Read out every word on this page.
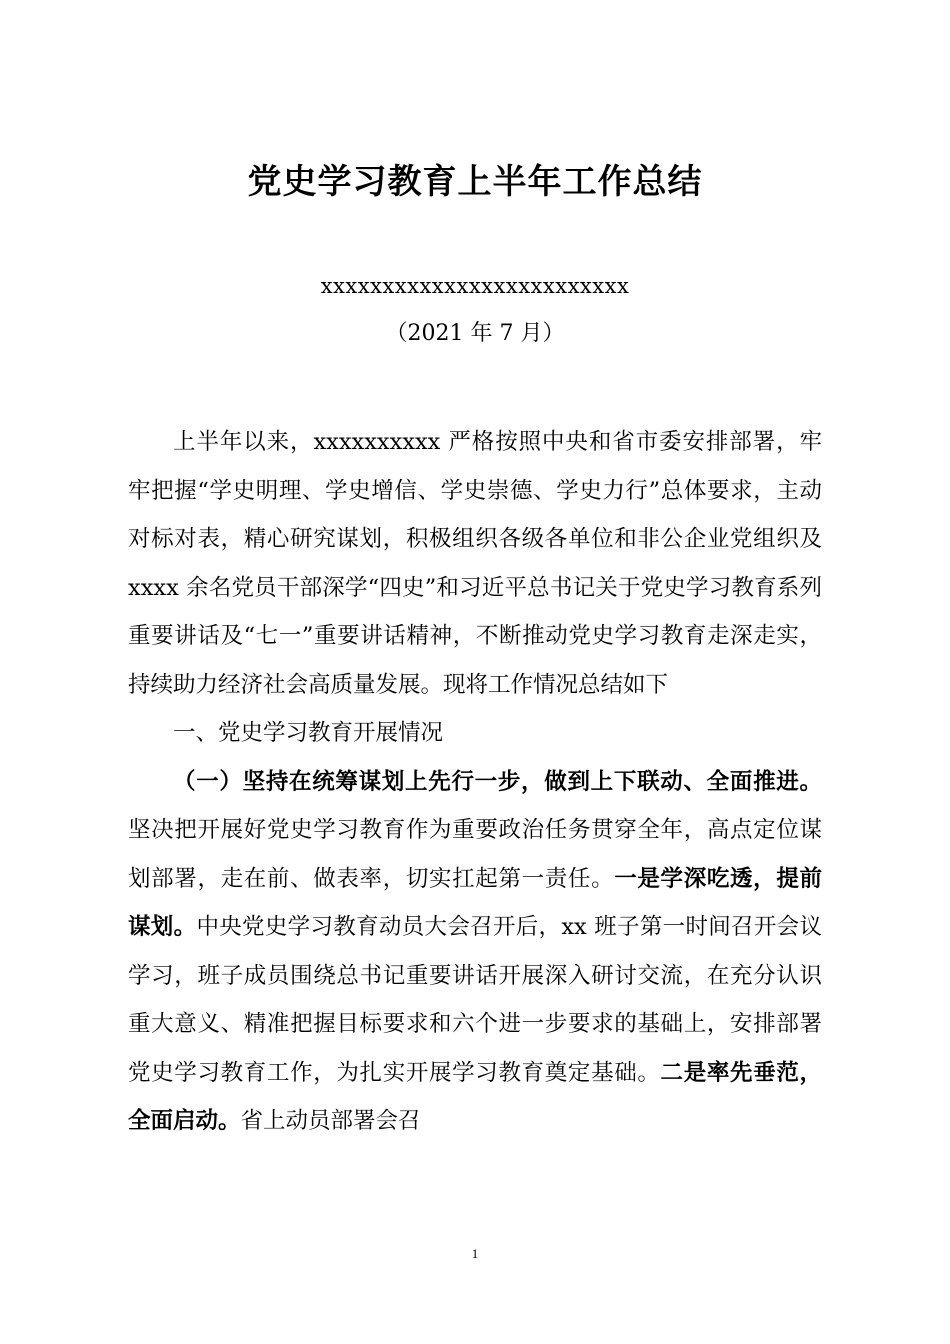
党史学习教育上半年工作总结
xxxxxxxxxxxxxxxxxxxxxxxxx
（2021 年 7 月）

上半年以来，xxxxxxxxxx 严格按照中央和省市委安排部署，牢牢把握“学史明理、学史增信、学史崇德、学史力行”总体要求，主动对标对表，精心研究谋划，积极组织各级各单位和非公企业党组织及 xxxx 余名党员干部深学“四史”和习近平总书记关于党史学习教育系列重要讲话及“七一”重要讲话精神，不断推动党史学习教育走深走实，持续助力经济社会高质量发展。现将工作情况总结如下

一、党史学习教育开展情况

（一）坚持在统筹谋划上先行一步，做到上下联动、全面推进。坚决把开展好党史学习教育作为重要政治任务贯穿全年，高点定位谋划部署，走在前、做表率，切实扛起第一责任。一是学深吃透，提前谋划。中央党史学习教育动员大会召开后，xx 班子第一时间召开会议学习，班子成员围绕总书记重要讲话开展深入研讨交流，在充分认识重大意义、精准把握目标要求和六个进一步要求的基础上，安排部署党史学习教育工作，为扎实开展学习教育奠定基础。二是率先垂范，全面启动。省上动员部署会召

1
